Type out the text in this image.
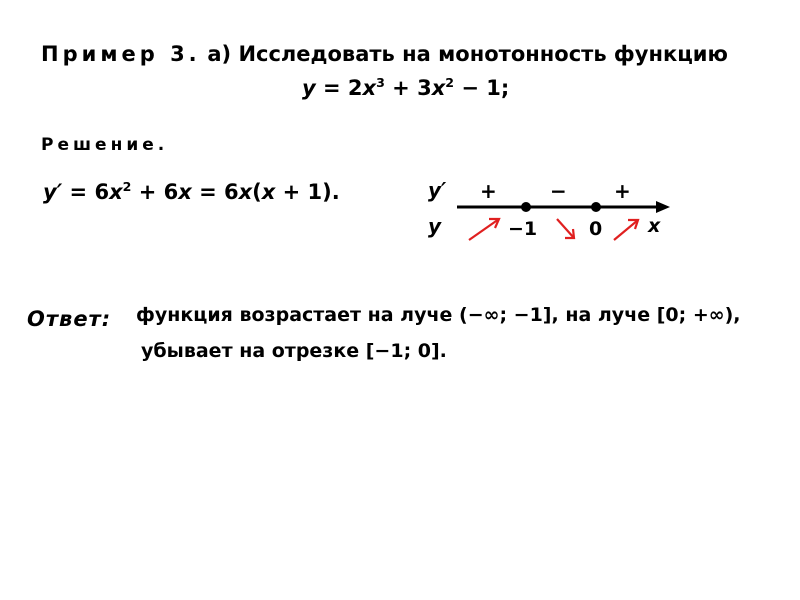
Пример 3. а) Исследовать на монотонность функцию
$y = 2x^3 + 3x^2 - 1$;
Решение.
$y' = 6x^2 + 6x = 6x(x + 1)$.	y′
y	x
+	− +
−1	0
Ответ: функция возрастает на луче (−∞; −1], на луче [0; +∞),
убывает на отрезке [−1; 0].
